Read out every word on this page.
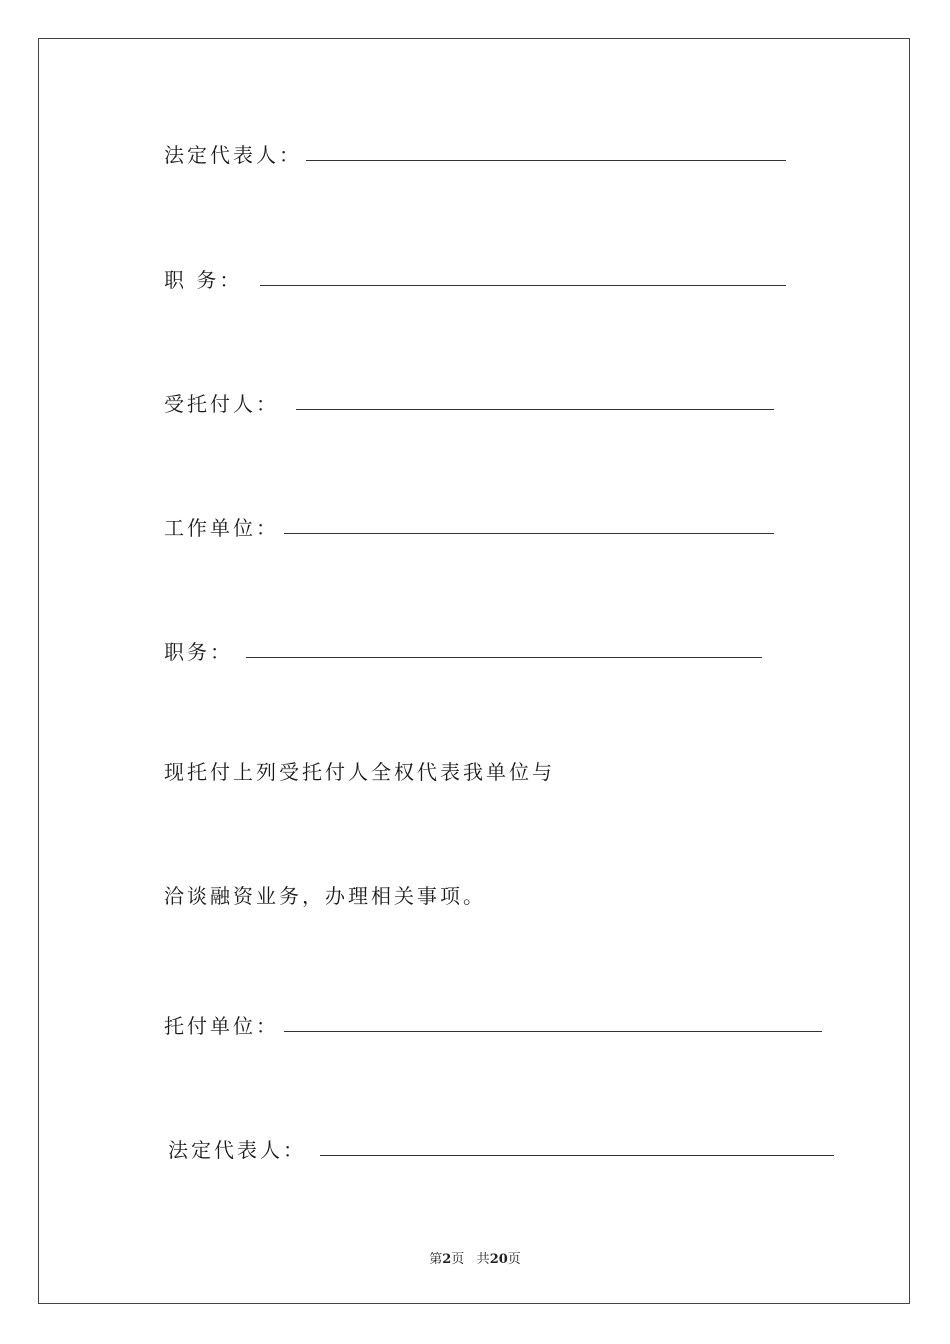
法定代表人：
职 务：
受托付人：
工作单位：
职务：
现托付上列受托付人全权代表我单位与
洽谈融资业务，办理相关事项。
托付单位：
法定代表人：
第2页 共20页
